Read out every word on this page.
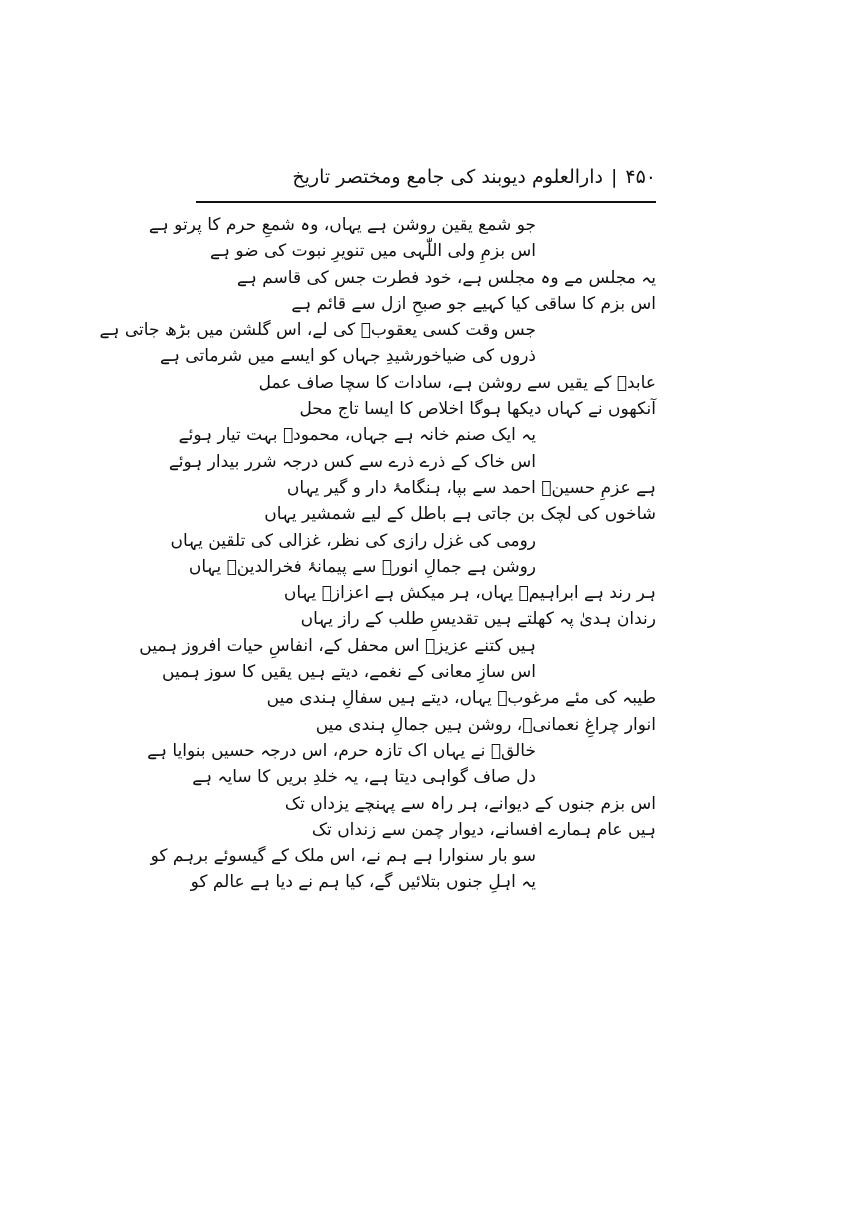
۴۵۰
|
دارالعلوم دیوبند کی جامع ومختصر تاریخ
جو شمع یقین روشن ہے یہاں، وہ شمعِ حرم کا پرتو ہے
اس بزمِ ولی اللّٰہی میں تنویرِ نبوت کی ضو ہے
یہ مجلس مے وہ مجلس ہے، خود فطرت جس کی قاسم ہے
اس بزم کا ساقی کیا کہیے جو صبحِ ازل سے قائم ہے
جس وقت کسی یعقوبؔ کی لے، اس گلشن میں بڑھ جاتی ہے
ذروں کی ضیاخورشیدِ جہاں کو ایسے میں شرماتی ہے
عابدؔ کے یقیں سے روشن ہے، سادات کا سچا صاف عمل
آنکھوں نے کہاں دیکھا ہوگا اخلاص کا ایسا تاج محل
یہ ایک صنم خانہ ہے جہاں، محمودؔ بہت تیار ہوئے
اس خاک کے ذرے ذرے سے کس درجہ شرر بیدار ہوئے
ہے عزمِ حسینؔ احمد سے بپا، ہنگامۂ دار و گیر یہاں
شاخوں کی لچک بن جاتی ہے باطل کے لیے شمشیر یہاں
رومی کی غزل رازی کی نظر، غزالی کی تلقین یہاں
روشن ہے جمالِ انورؔ سے پیمانۂ فخرالدینؔ یہاں
ہر رند ہے ابراہیمؔ یہاں، ہر میکش ہے اعزازؔ یہاں
رندان ہدیٰ پہ کھلتے ہیں تقدیسِ طلب کے راز یہاں
ہیں کتنے عزیزؔ اس محفل کے، انفاسِ حیات افروز ہمیں
اس سازِ معانی کے نغمے، دیتے ہیں یقیں کا سوز ہمیں
طیبہ کی مئے مرغوبؔ یہاں، دیتے ہیں سفالِ ہندی میں
انوار چراغِ نعمانیؔ، روشن ہیں جمالِ ہندی میں
خالقؔ نے یہاں اک تازہ حرم، اس درجہ حسیں بنوایا ہے
دل صاف گواہی دیتا ہے، یہ خلدِ بریں کا سایہ ہے
اس بزم جنوں کے دیوانے، ہر راہ سے پہنچے یزداں تک
ہیں عام ہمارے افسانے، دیوار چمن سے زنداں تک
سو بار سنوارا ہے ہم نے، اس ملک کے گیسوئے برہم کو
یہ اہلِ جنوں بتلائیں گے، کیا ہم نے دیا ہے عالم کو
